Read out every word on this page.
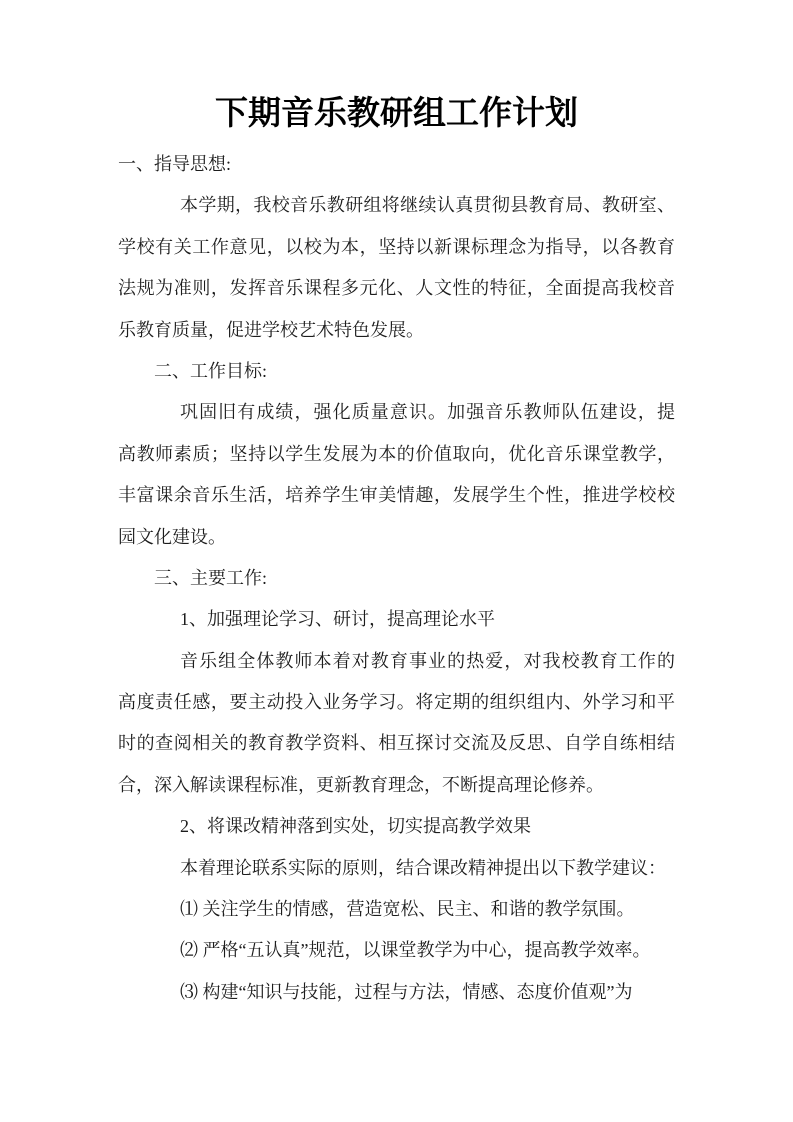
下期音乐教研组工作计划
一、指导思想:
本学期，我校音乐教研组将继续认真贯彻县教育局、教研室、
学校有关工作意见，以校为本，坚持以新课标理念为指导，以各教育
法规为准则，发挥音乐课程多元化、人文性的特征，全面提高我校音
乐教育质量，促进学校艺术特色发展。
二、工作目标:
巩固旧有成绩，强化质量意识。加强音乐教师队伍建设，提
高教师素质；坚持以学生发展为本的价值取向，优化音乐课堂教学，
丰富课余音乐生活，培养学生审美情趣，发展学生个性，推进学校校
园文化建设。
三、主要工作:
1、加强理论学习、研讨，提高理论水平
音乐组全体教师本着对教育事业的热爱，对我校教育工作的
高度责任感，要主动投入业务学习。将定期的组织组内、外学习和平
时的查阅相关的教育教学资料、相互探讨交流及反思、自学自练相结
合，深入解读课程标准，更新教育理念，不断提高理论修养。
2、将课改精神落到实处，切实提高教学效果
本着理论联系实际的原则，结合课改精神提出以下教学建议：
⑴ 关注学生的情感，营造宽松、民主、和谐的教学氛围。
⑵ 严格“五认真”规范，以课堂教学为中心，提高教学效率。
⑶ 构建“知识与技能，过程与方法，情感、态度价值观”为
